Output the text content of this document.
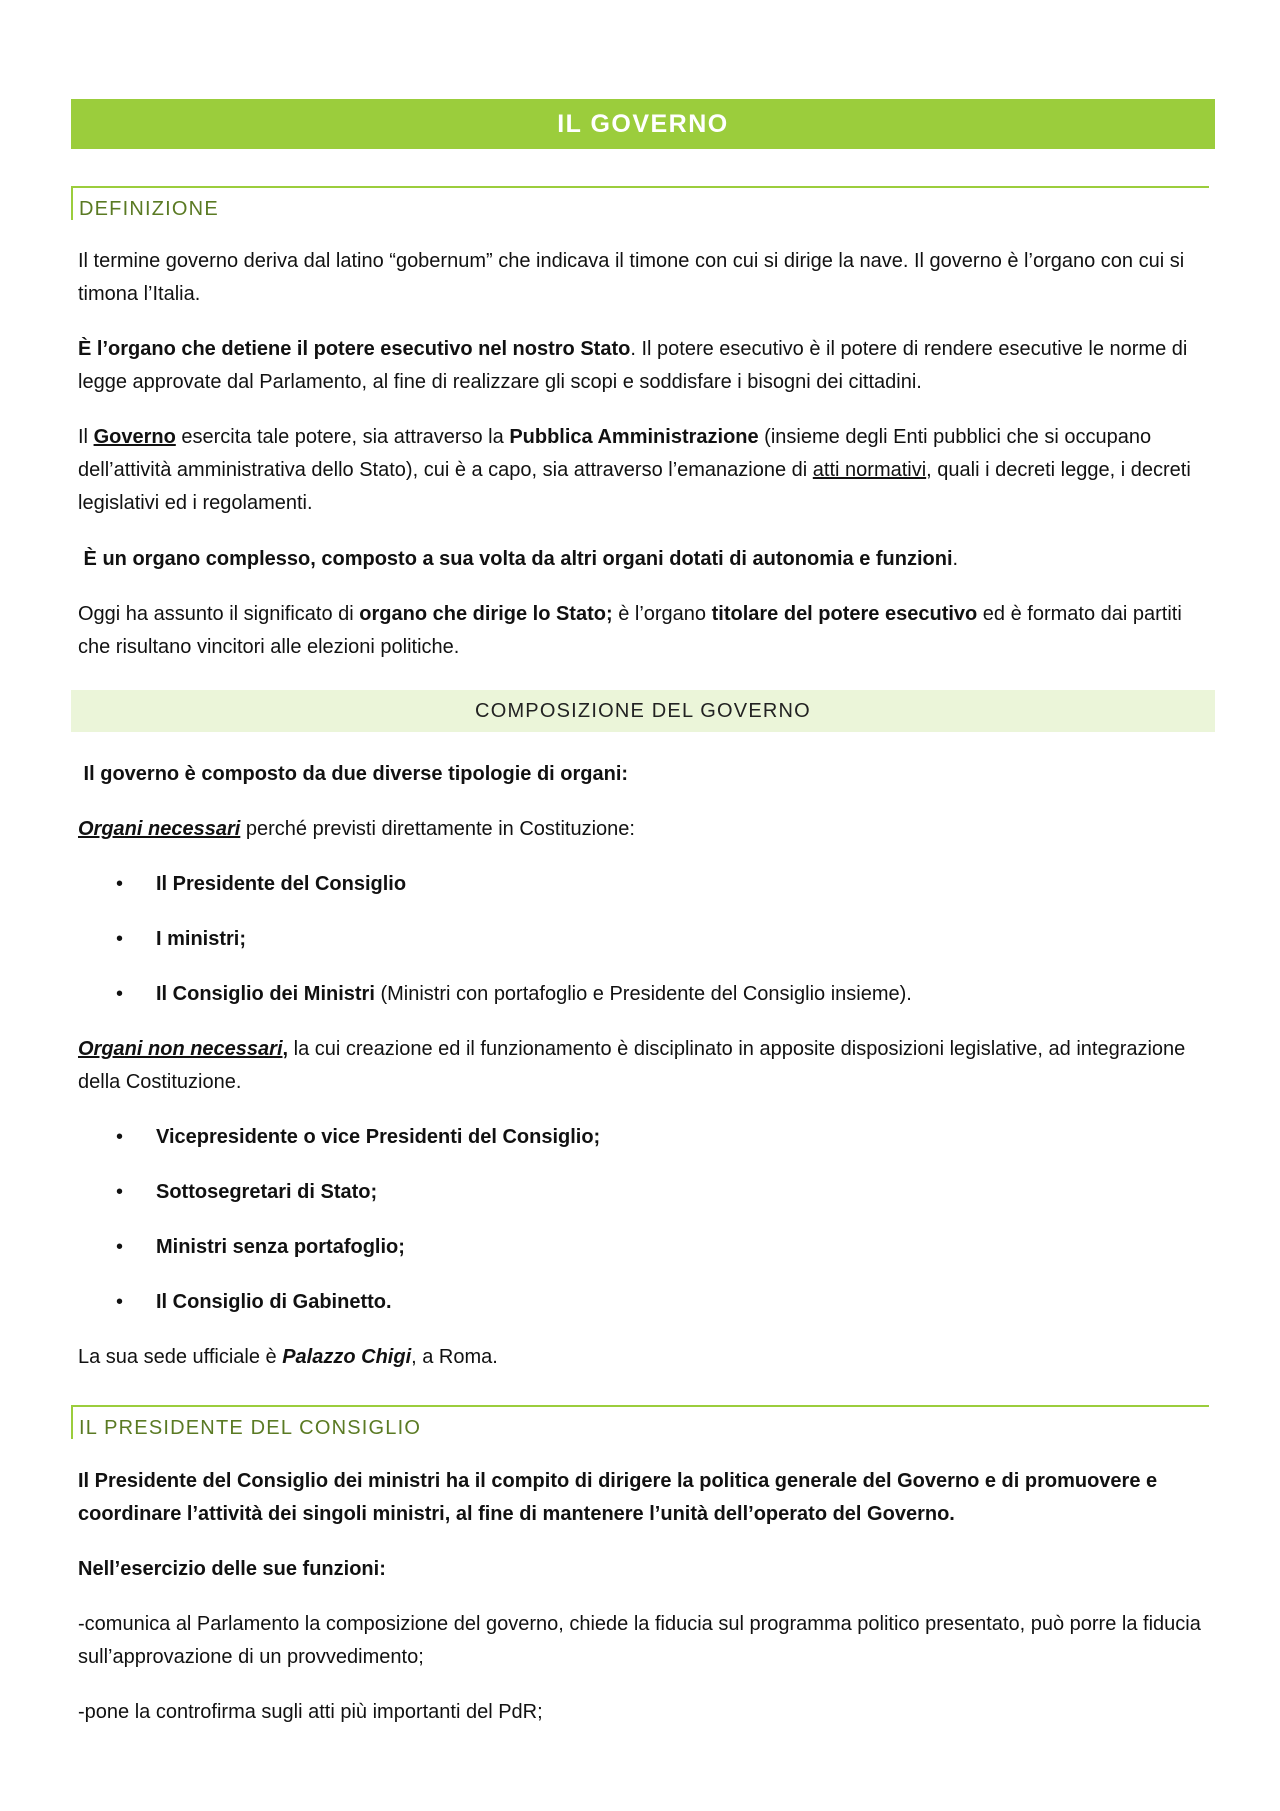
IL GOVERNO
DEFINIZIONE

Il termine governo deriva dal latino “gobernum” che indicava il timone con cui si dirige la nave. Il governo è l’organo con cui si timona l’Italia.

È l’organo che detiene il potere esecutivo nel nostro Stato. Il potere esecutivo è il potere di rendere esecutive le norme di legge approvate dal Parlamento, al fine di realizzare gli scopi e soddisfare i bisogni dei cittadini.

Il Governo esercita tale potere, sia attraverso la Pubblica Amministrazione (insieme degli Enti pubblici che si occupano dell’attività amministrativa dello Stato), cui è a capo, sia attraverso l’emanazione di atti normativi, quali i decreti legge, i decreti legislativi ed i regolamenti.

È un organo complesso, composto a sua volta da altri organi dotati di autonomia e funzioni.

Oggi ha assunto il significato di organo che dirige lo Stato; è l’organo titolare del potere esecutivo ed è formato dai partiti che risultano vincitori alle elezioni politiche.

COMPOSIZIONE DEL GOVERNO

Il governo è composto da due diverse tipologie di organi:

Organi necessari perché previsti direttamente in Costituzione:

• Il Presidente del Consiglio
• I ministri;
• Il Consiglio dei Ministri (Ministri con portafoglio e Presidente del Consiglio insieme).

Organi non necessari, la cui creazione ed il funzionamento è disciplinato in apposite disposizioni legislative, ad integrazione della Costituzione.

• Vicepresidente o vice Presidenti del Consiglio;
• Sottosegretari di Stato;
• Ministri senza portafoglio;
• Il Consiglio di Gabinetto.

La sua sede ufficiale è Palazzo Chigi, a Roma.

IL PRESIDENTE DEL CONSIGLIO

Il Presidente del Consiglio dei ministri ha il compito di dirigere la politica generale del Governo e di promuovere e coordinare l’attività dei singoli ministri, al fine di mantenere l’unità dell’operato del Governo.

Nell’esercizio delle sue funzioni:

-comunica al Parlamento la composizione del governo, chiede la fiducia sul programma politico presentato, può porre la fiducia sull’approvazione di un provvedimento;

-pone la controfirma sugli atti più importanti del PdR;
